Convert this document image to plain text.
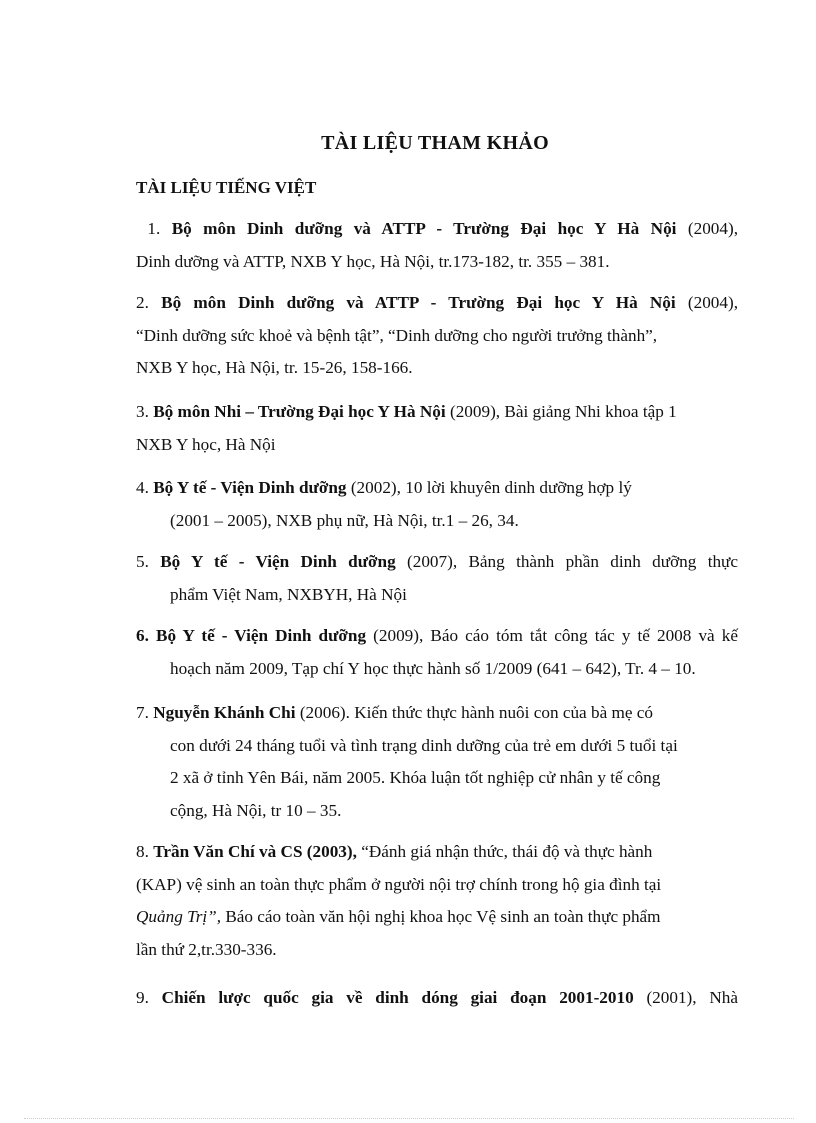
TÀI LIỆU THAM KHẢO
TÀI LIỆU TIẾNG VIỆT
1. Bộ môn Dinh dưỡng và ATTP - Trường Đại học Y Hà Nội (2004),
Dinh dưỡng và ATTP, NXB Y học, Hà Nội, tr.173-182, tr. 355 – 381.
2. Bộ môn Dinh dưỡng và ATTP - Trường Đại học Y Hà Nội (2004),
“Dinh dưỡng sức khoẻ và bệnh tật”, “Dinh dưỡng cho người trưởng thành”,
NXB Y học, Hà Nội, tr. 15-26, 158-166.
3. Bộ môn Nhi – Trường Đại học Y Hà Nội (2009), Bài giảng Nhi khoa tập 1
NXB Y học, Hà Nội
4. Bộ Y tế - Viện Dinh dưỡng (2002), 10 lời khuyên dinh dưỡng hợp lý
(2001 – 2005), NXB phụ nữ, Hà Nội, tr.1 – 26, 34.
5. Bộ Y tế - Viện Dinh dưỡng (2007), Bảng thành phần dinh dưỡng thực
phẩm Việt Nam, NXBYH, Hà Nội
6. Bộ Y tế - Viện Dinh dưỡng (2009), Báo cáo tóm tắt công tác y tế 2008 và kế
hoạch năm 2009, Tạp chí Y học thực hành số 1/2009 (641 – 642), Tr. 4 – 10.
7. Nguyễn Khánh Chi (2006). Kiến thức thực hành nuôi con của bà mẹ có
con dưới 24 tháng tuổi và tình trạng dinh dưỡng của trẻ em dưới 5 tuổi tại
2 xã ở tỉnh Yên Bái, năm 2005. Khóa luận tốt nghiệp cử nhân y tế công
cộng, Hà Nội, tr 10 – 35.
8. Trần Văn Chí và CS (2003), “Đánh giá nhận thức, thái độ và thực hành
(KAP) vệ sinh an toàn thực phẩm ở người nội trợ chính trong hộ gia đình tại
Quảng Trị”, Báo cáo toàn văn hội nghị khoa học Vệ sinh an toàn thực phẩm
lần thứ 2,tr.330-336.
9. Chiến lược quốc gia về dinh dóng giai đoạn 2001-2010 (2001), Nhà
